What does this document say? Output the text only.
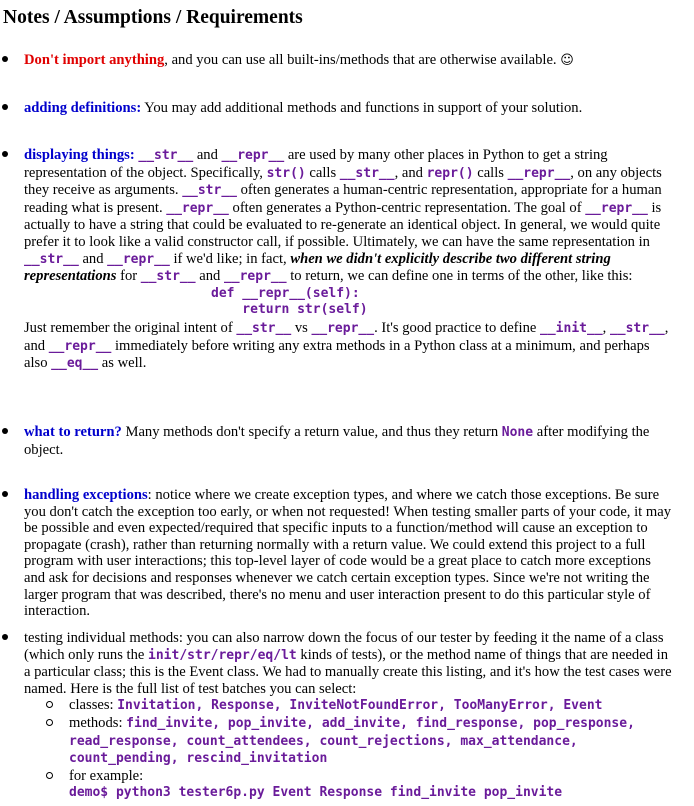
Notes / Assumptions / Requirements

Don't import anything, and you can use all built-ins/methods that are otherwise available. ☺

adding definitions: You may add additional methods and functions in support of your solution.

displaying things: __str__ and __repr__ are used by many other places in Python to get a string representation of the object. Specifically, str() calls __str__, and repr() calls __repr__, on any objects they receive as arguments. __str__ often generates a human-centric representation, appropriate for a human reading what is present. __repr__ often generates a Python-centric representation. The goal of __repr__ is actually to have a string that could be evaluated to re-generate an identical object. In general, we would quite prefer it to look like a valid constructor call, if possible. Ultimately, we can have the same representation in __str__ and __repr__ if we'd like; in fact, when we didn't explicitly describe two different string representations for __str__ and __repr__ to return, we can define one in terms of the other, like this:

def __repr__(self):
return str(self)

Just remember the original intent of __str__ vs __repr__. It's good practice to define __init__, __str__, and __repr__ immediately before writing any extra methods in a Python class at a minimum, and perhaps also __eq__ as well.

what to return? Many methods don't specify a return value, and thus they return None after modifying the object.

handling exceptions: notice where we create exception types, and where we catch those exceptions. Be sure you don't catch the exception too early, or when not requested! When testing smaller parts of your code, it may be possible and even expected/required that specific inputs to a function/method will cause an exception to propagate (crash), rather than returning normally with a return value. We could extend this project to a full program with user interactions; this top-level layer of code would be a great place to catch more exceptions and ask for decisions and responses whenever we catch certain exception types. Since we're not writing the larger program that was described, there's no menu and user interaction present to do this particular style of interaction.

testing individual methods: you can also narrow down the focus of our tester by feeding it the name of a class (which only runs the init/str/repr/eq/lt kinds of tests), or the method name of things that are needed in a particular class; this is the Event class. We had to manually create this listing, and it's how the test cases were named. Here is the full list of test batches you can select:

classes: Invitation, Response, InviteNotFoundError, TooManyError, Event
methods: find_invite, pop_invite, add_invite, find_response, pop_response, read_response, count_attendees, count_rejections, max_attendance, count_pending, rescind_invitation
for example:
demo$ python3 tester6p.py Event Response find_invite pop_invite
